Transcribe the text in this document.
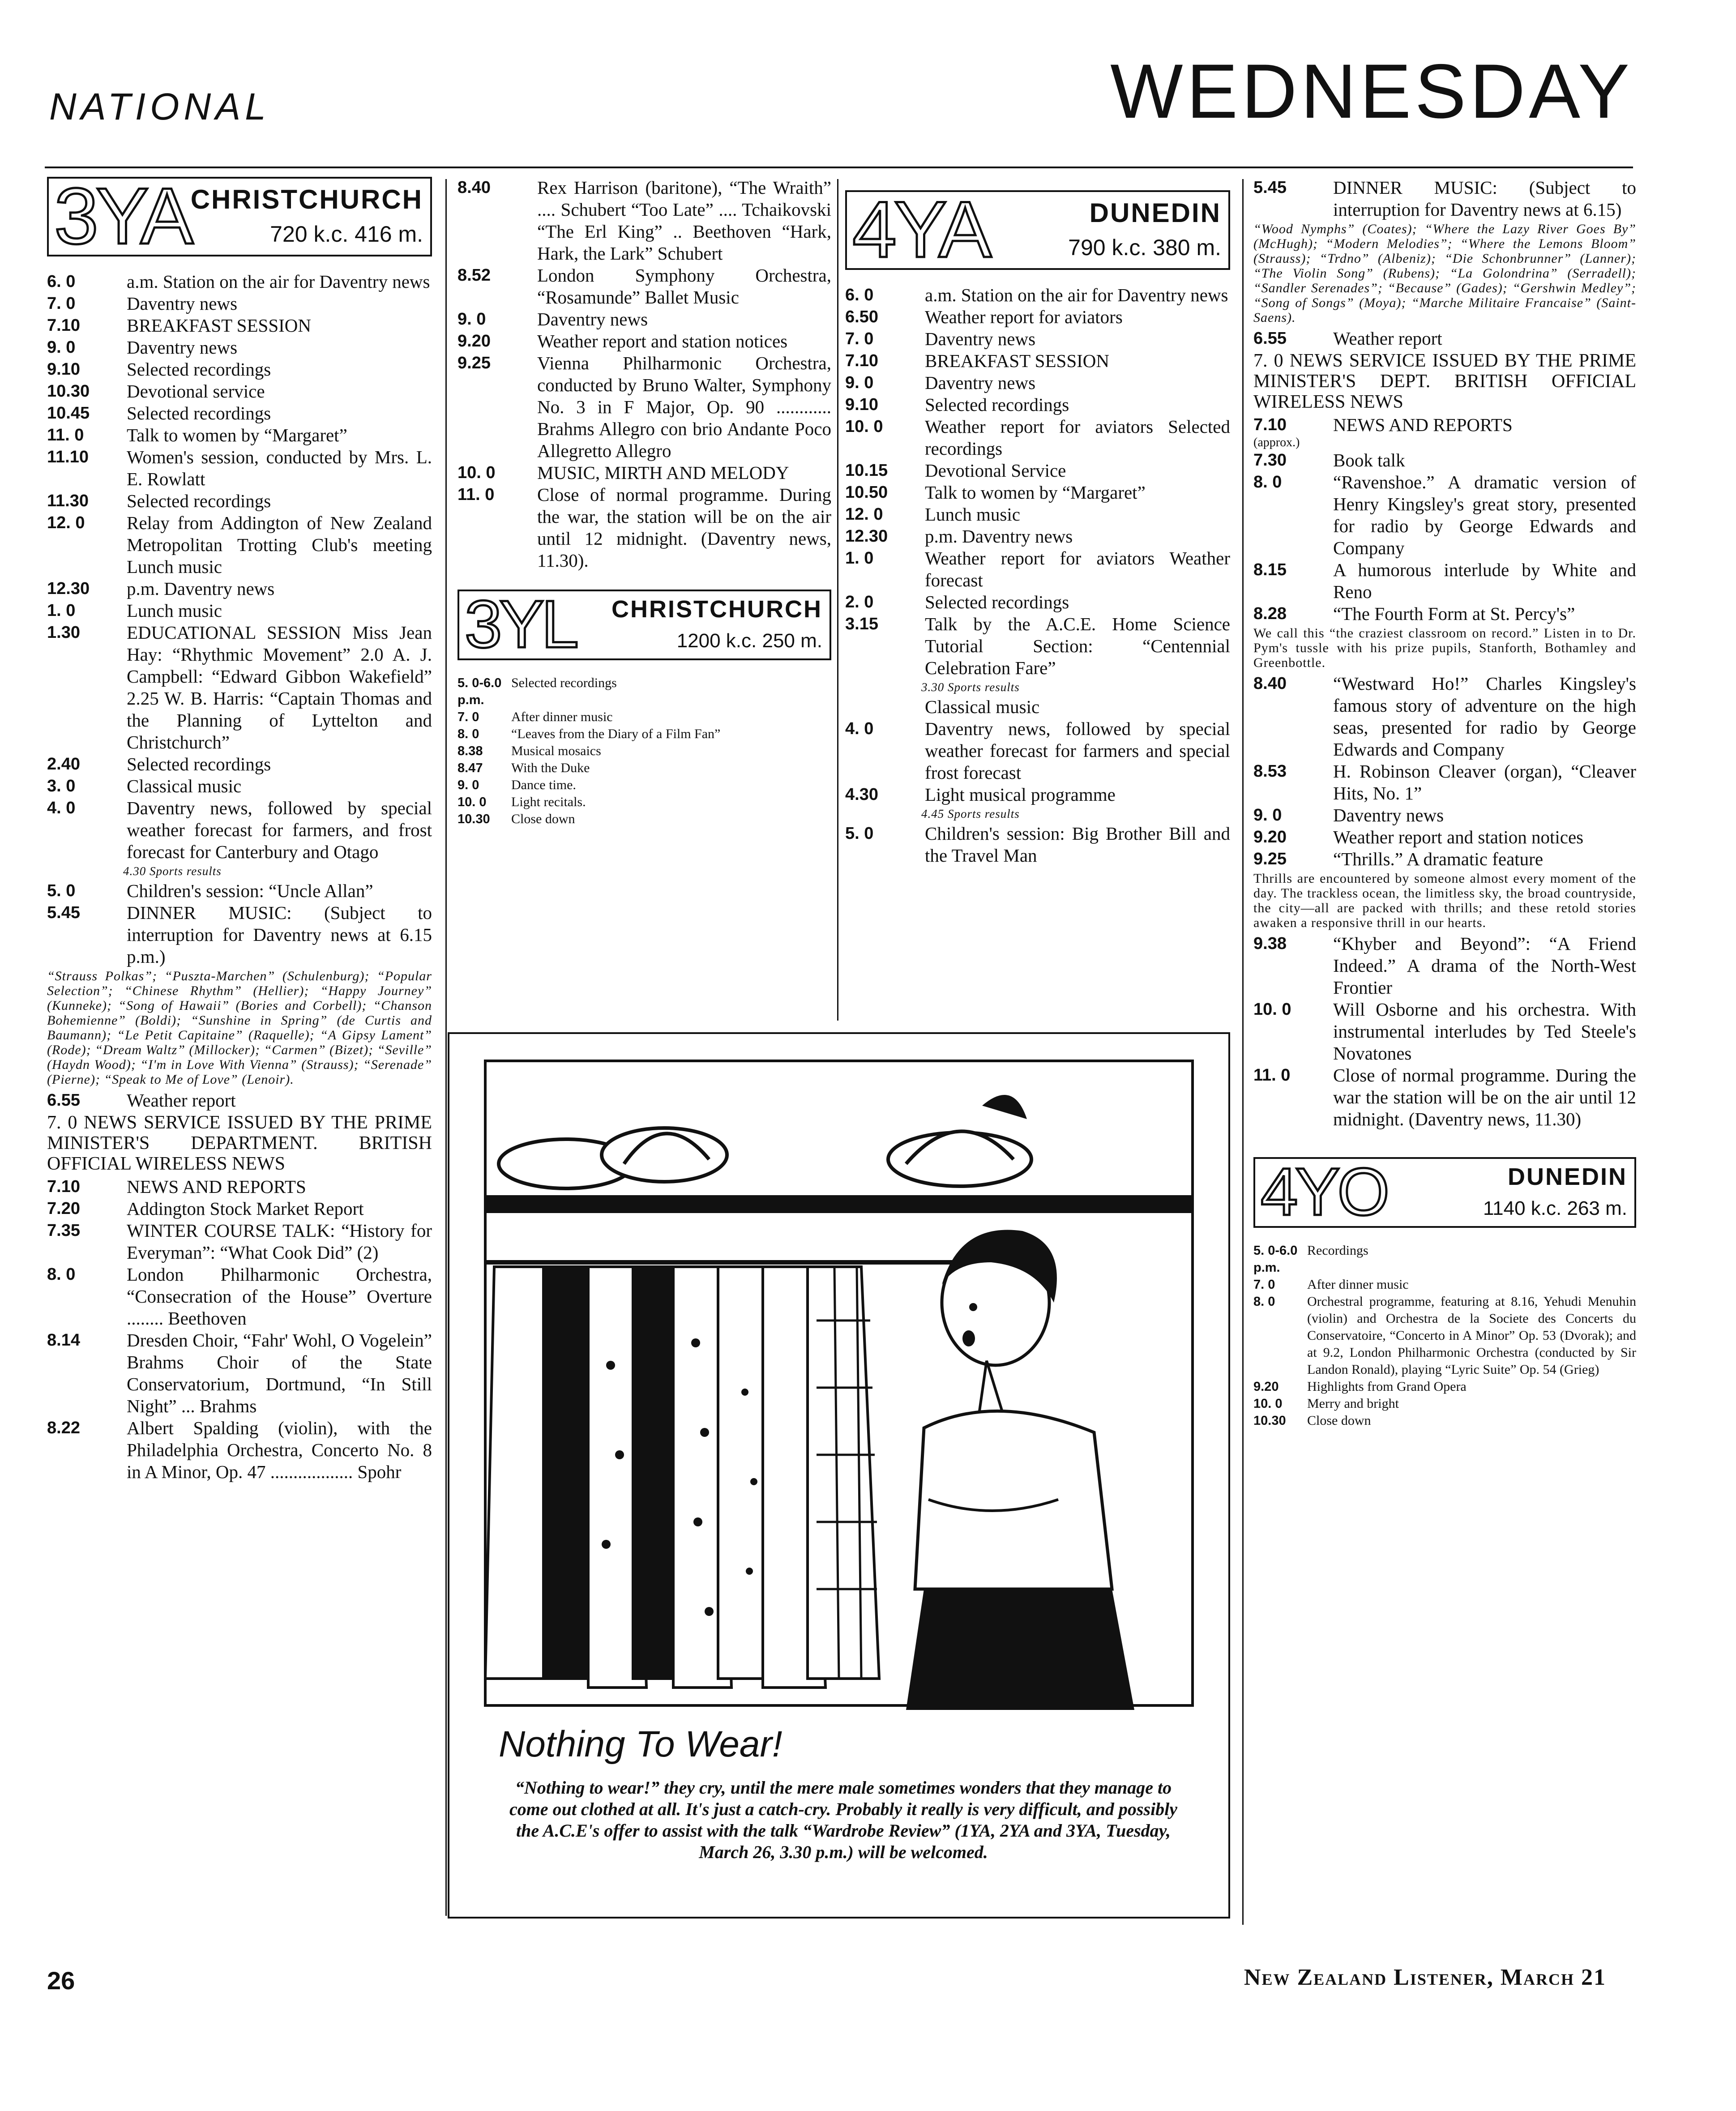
NATIONAL	WEDNESDAY
3YA CHRISTCHURCH
720 k.c. 416 m.
6. 0	a.m. Station on the air for Daventry news
7. 0	Daventry news
7.10	BREAKFAST SESSION
9. 0	Daventry news
9.10	Selected recordings
10.30	Devotional service
10.45	Selected recordings
11. 0	Talk to women by “Margaret”
11.10	Women's session, conducted by Mrs. L. E. Rowlatt
11.30	Selected recordings
12. 0	Relay from Addington of New Zealand Metropolitan Trotting Club's meeting Lunch music
12.30	p.m. Daventry news
1. 0	Lunch music
1.30	EDUCATIONAL SESSION Miss Jean Hay: “Rhythmic Movement” 2.0 A. J. Campbell: “Edward Gibbon Wakefield” 2.25 W. B. Harris: “Captain Thomas and the Planning of Lyttelton and Christchurch”
2.40	Selected recordings
3. 0	Classical music
4. 0	Daventry news, followed by special weather forecast for farmers, and frost forecast for Canterbury and Otago
4.30 Sports results
5. 0	Children's session: “Uncle Allan”
5.45	DINNER MUSIC: (Subject to interruption for Daventry news at 6.15 p.m.)
“Strauss Polkas”; “Puszta-Marchen” (Schulenburg); “Popular Selection”; “Chinese Rhythm” (Hellier); “Happy Journey” (Kunneke); “Song of Hawaii” (Bories and Corbell); “Chanson Bohemienne” (Boldi); “Sunshine in Spring” (de Curtis and Baumann); “Le Petit Capitaine” (Raquelle); “A Gipsy Lament” (Rode); “Dream Waltz” (Millocker); “Carmen” (Bizet); “Seville” (Haydn Wood); “I'm in Love With Vienna” (Strauss); “Serenade” (Pierne); “Speak to Me of Love” (Lenoir).
6.55	Weather report
7. 0 NEWS SERVICE ISSUED BY THE PRIME MINISTER'S DEPARTMENT. BRITISH OFFICIAL WIRELESS NEWS
7.10	NEWS AND REPORTS
7.20	Addington Stock Market Report
7.35	WINTER COURSE TALK: “History for Everyman”: “What Cook Did” (2)
8. 0	London Philharmonic Orchestra, “Consecration of the House” Overture ........ Beethoven
8.14	Dresden Choir, “Fahr' Wohl, O Vogelein” Brahms Choir of the State Conservatorium, Dortmund, “In Still Night” ... Brahms
8.22	Albert Spalding (violin), with the Philadelphia Orchestra, Concerto No. 8 in A Minor, Op. 47 .................. Spohr
8.40	Rex Harrison (baritone), “The Wraith” .... Schubert “Too Late” .... Tchaikovski “The Erl King” .. Beethoven “Hark, Hark, the Lark” Schubert
8.52	London Symphony Orchestra, “Rosamunde” Ballet Music
9. 0	Daventry news
9.20	Weather report and station notices
9.25	Vienna Philharmonic Orchestra, conducted by Bruno Walter, Symphony No. 3 in F Major, Op. 90 ............ Brahms Allegro con brio Andante Poco Allegretto Allegro
10. 0	MUSIC, MIRTH AND MELODY
11. 0	Close of normal programme. During the war, the station will be on the air until 12 midnight. (Daventry news, 11.30).
3YL CHRISTCHURCH
1200 k.c. 250 m.
5. 0-6.0 p.m.
Selected recordings
7. 0	After dinner music
8. 0	“Leaves from the Diary of a Film Fan”
8.38	Musical mosaics
8.47	With the Duke
9. 0	Dance time.
10. 0	Light recitals.
10.30	Close down
4YA	DUNEDIN
790 k.c. 380 m.
6. 0	a.m. Station on the air for Daventry news
6.50	Weather report for aviators
7. 0	Daventry news
7.10	BREAKFAST SESSION
9. 0	Daventry news
9.10	Selected recordings
10. 0	Weather report for aviators Selected recordings
10.15	Devotional Service
10.50	Talk to women by “Margaret”
12. 0	Lunch music
12.30	p.m. Daventry news
1. 0	Weather report for aviators Weather forecast
2. 0	Selected recordings
3.15	Talk by the A.C.E. Home Science Tutorial Section: “Centennial Celebration Fare”
3.30 Sports results
Classical music
4. 0	Daventry news, followed by special weather forecast for farmers and special frost forecast
4.30	Light musical programme
4.45 Sports results
5. 0	Children's session: Big Brother Bill and the Travel Man
5.45	DINNER MUSIC: (Subject to interruption for Daventry news at 6.15)
“Wood Nymphs” (Coates); “Where the Lazy River Goes By” (McHugh); “Modern Melodies”; “Where the Lemons Bloom” (Strauss); “Trdno” (Albeniz); “Die Schonbrunner” (Lanner); “The Violin Song” (Rubens); “La Golondrina” (Serradell); “Sandler Serenades”; “Because” (Gades); “Gershwin Medley”; “Song of Songs” (Moya); “Marche Militaire Francaise” (Saint-Saens).
6.55	Weather report
7. 0 NEWS SERVICE ISSUED BY THE PRIME MINISTER'S DEPT. BRITISH OFFICIAL WIRELESS NEWS
7.10	NEWS AND REPORTS
(approx.)
7.30	Book talk
8. 0	“Ravenshoe.” A dramatic version of Henry Kingsley's great story, presented for radio by George Edwards and Company
8.15	A humorous interlude by White and Reno
8.28	“The Fourth Form at St. Percy's”
We call this “the craziest classroom on record.” Listen in to Dr. Pym's tussle with his prize pupils, Stanforth, Bothamley and Greenbottle.
8.40	“Westward Ho!” Charles Kingsley's famous story of adventure on the high seas, presented for radio by George Edwards and Company
8.53	H. Robinson Cleaver (organ), “Cleaver Hits, No. 1”
9. 0	Daventry news
9.20	Weather report and station notices
9.25	“Thrills.” A dramatic feature
Thrills are encountered by someone almost every moment of the day. The trackless ocean, the limitless sky, the broad countryside, the city—all are packed with thrills; and these retold stories awaken a responsive thrill in our hearts.
9.38	“Khyber and Beyond”: “A Friend Indeed.” A drama of the North-West Frontier
10. 0	Will Osborne and his orchestra. With instrumental interludes by Ted Steele's Novatones
11. 0	Close of normal programme. During the war the station will be on the air until 12 midnight. (Daventry news, 11.30)
4YO	DUNEDIN
1140 k.c. 263 m.
5. 0-6.0 p.m.
Recordings
7. 0	After dinner music
8. 0	Orchestral programme, featuring at 8.16, Yehudi Menuhin (violin) and Orchestra de la Societe des Concerts du Conservatoire, “Concerto in A Minor” Op. 53 (Dvorak); and at 9.2, London Philharmonic Orchestra (conducted by Sir Landon Ronald), playing “Lyric Suite” Op. 54 (Grieg)
9.20	Highlights from Grand Opera
10. 0	Merry and bright
10.30	Close down
Nothing To Wear!
“Nothing to wear!” they cry, until the mere male sometimes wonders that they manage to come out clothed at all. It's just a catch-cry. Probably it really is very difficult, and possibly the A.C.E's offer to assist with the talk “Wardrobe Review” (1YA, 2YA and 3YA, Tuesday, March 26, 3.30 p.m.) will be welcomed.
26	New Zealand Listener, March 21
